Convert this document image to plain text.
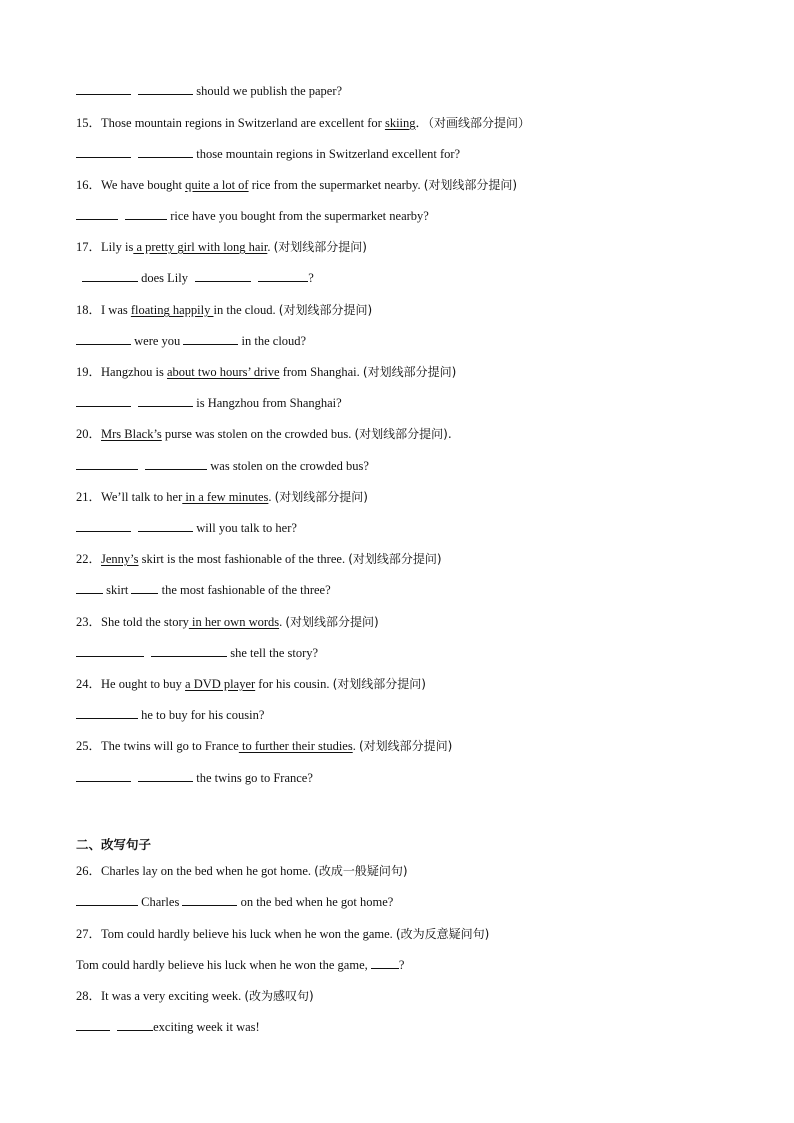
should we publish the paper?
15．Those mountain regions in Switzerland are excellent for skiing．（对画线部分提问）
those mountain regions in Switzerland excellent for?
16．We have bought quite a lot of rice from the supermarket nearby. (对划线部分提问)
rice have you bought from the supermarket nearby?
17．Lily is a pretty girl with long hair. (对划线部分提问)
does Lily	?
18．I was floating happily in the cloud. (对划线部分提问)
were you	in the cloud?
19．Hangzhou is about two hours’ drive from Shanghai. (对划线部分提问)
is Hangzhou from Shanghai?
20．Mrs Black’s purse was stolen on the crowded bus. (对划线部分提问).
was stolen on the crowded bus?
21．We’ll talk to her in a few minutes. (对划线部分提问)
will you talk to her?
22．Jenny’s skirt is the most fashionable of the three. (对划线部分提问)
skirt  the most fashionable of the three?
23．She told the story in her own words. (对划线部分提问)
she tell the story?
24．He ought to buy a DVD player for his cousin. (对划线部分提问)
he to buy for his cousin?
25．The twins will go to France to further their studies. (对划线部分提问)
the twins go to France?
二、改写句子
26．Charles lay on the bed when he got home. (改成一般疑问句)
Charles	on the bed when he got home?
27．Tom could hardly believe his luck when he won the game. (改为反意疑问句)
Tom could hardly believe his luck when he won the game, ?
28．It was a very exciting week. (改为感叹句)
exciting week it was!
